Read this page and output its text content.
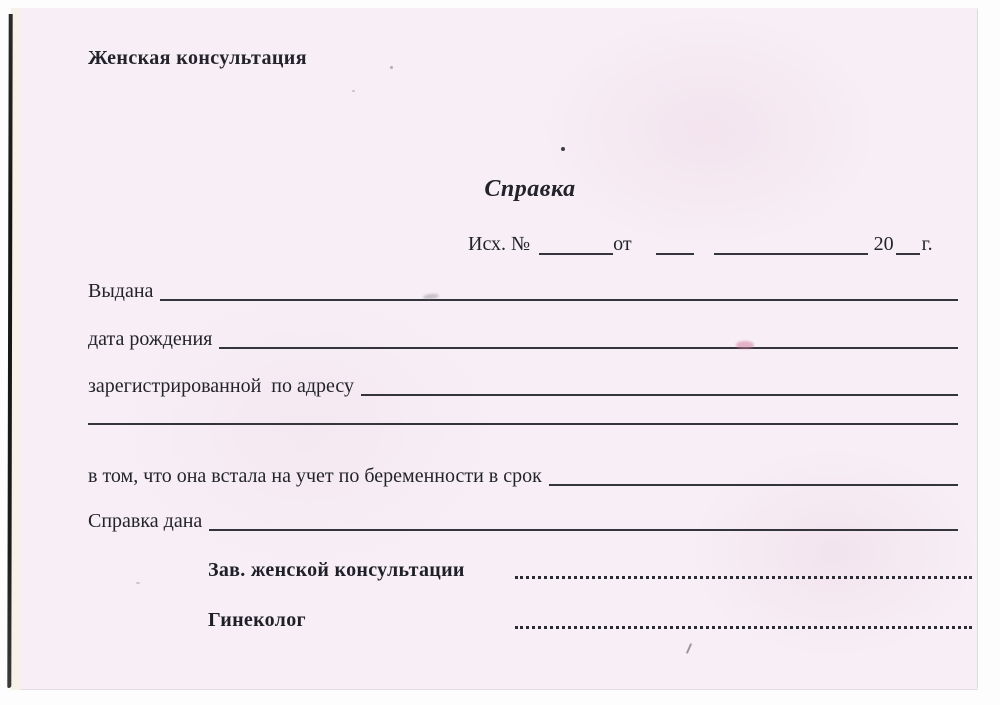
Женская консультация
Справка
Исх. №	от	20 г.
Выдана
дата рождения
зарегистрированной  по адресу
в том, что она встала на учет по беременности в срок
Справка дана
Зав. женской консультации
Гинеколог
